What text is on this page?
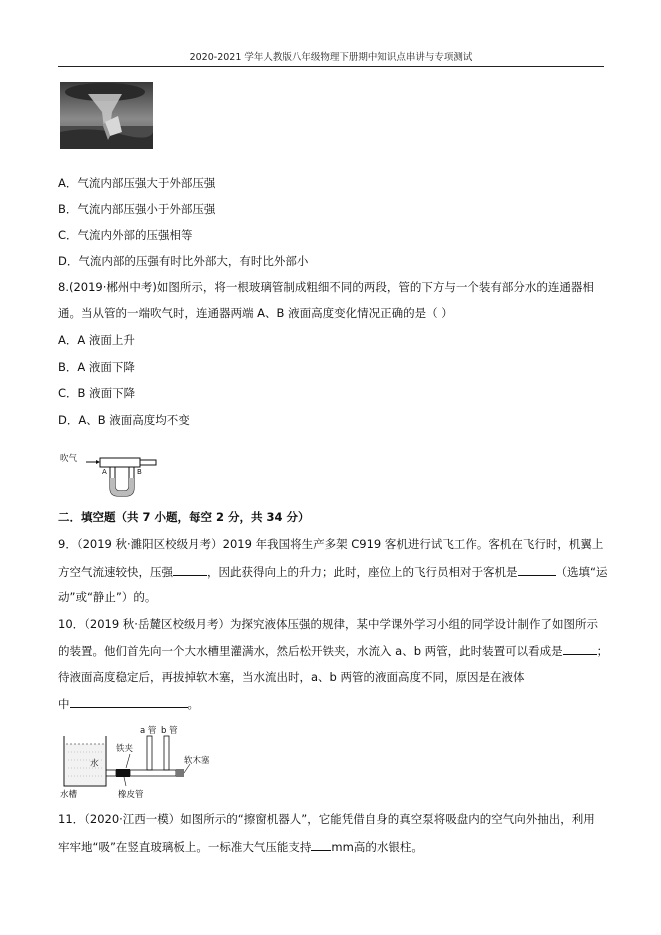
2020-2021 学年人教版八年级物理下册期中知识点串讲与专项测试
A．气流内部压强大于外部压强
B．气流内部压强小于外部压强
C．气流内外部的压强相等
D．气流内部的压强有时比外部大，有时比外部小
8.(2019·郴州中考)如图所示，将一根玻璃管制成粗细不同的两段，管的下方与一个装有部分水的连通器相
通。当从管的一端吹气时，连通器两端 A、B 液面高度变化情况正确的是（ ）
A．A 液面上升
B．A 液面下降
C．B 液面下降
D．A、B 液面高度均不变
吹气
A	B
二．填空题（共 7 小题，每空 2 分，共 34 分）
9．（2019 秋·濉阳区校级月考）2019 年我国将生产多架 C919 客机进行试飞工作。客机在飞行时，机翼上
方空气流速较快，压强	，因此获得向上的升力；此时，座位上的飞行员相对于客机是	（选填“运
动”或“静止”）的。
10．（2019 秋·岳麓区校级月考）为探究液体压强的规律，某中学课外学习小组的同学设计制作了如图所示
的装置。他们首先向一个大水槽里灌满水，然后松开铁夹，水流入 a、b 两管，此时装置可以看成是	；
待液面高度稳定后，再拔掉软木塞，当水流出时，a、b 两管的液面高度不同，原因是在液体
中	。
a 管 b 管
铁夹
水	软木塞
水槽	橡皮管
11．（2020·江西一模）如图所示的“擦窗机器人”，它能凭借自身的真空泵将吸盘内的空气向外抽出，利用
牢牢地“吸”在竖直玻璃板上。一标准大气压能支持 mm高的水银柱。
